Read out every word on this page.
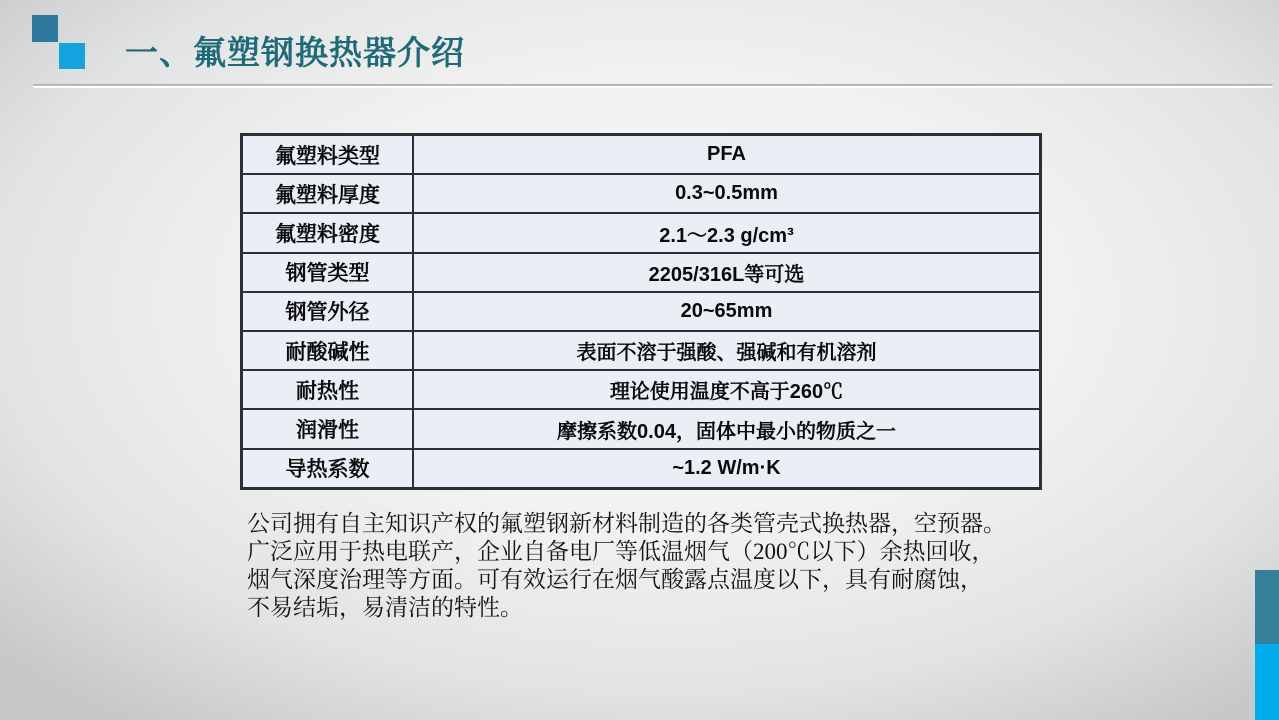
一、氟塑钢换热器介绍
氟塑料类型	PFA
氟塑料厚度	0.3~0.5mm
氟塑料密度	2.1～2.3 g/cm³
钢管类型	2205/316L等可选
钢管外径	20~65mm
耐酸碱性	表面不溶于强酸、强碱和有机溶剂
耐热性	理论使用温度不高于260℃
润滑性	摩擦系数0.04，固体中最小的物质之一
导热系数	~1.2 W/m·K
公司拥有自主知识产权的氟塑钢新材料制造的各类管壳式换热器，空预器。
广泛应用于热电联产，企业自备电厂等低温烟气（200℃以下）余热回收，
烟气深度治理等方面。可有效运行在烟气酸露点温度以下，具有耐腐蚀，
不易结垢，易清洁的特性。
